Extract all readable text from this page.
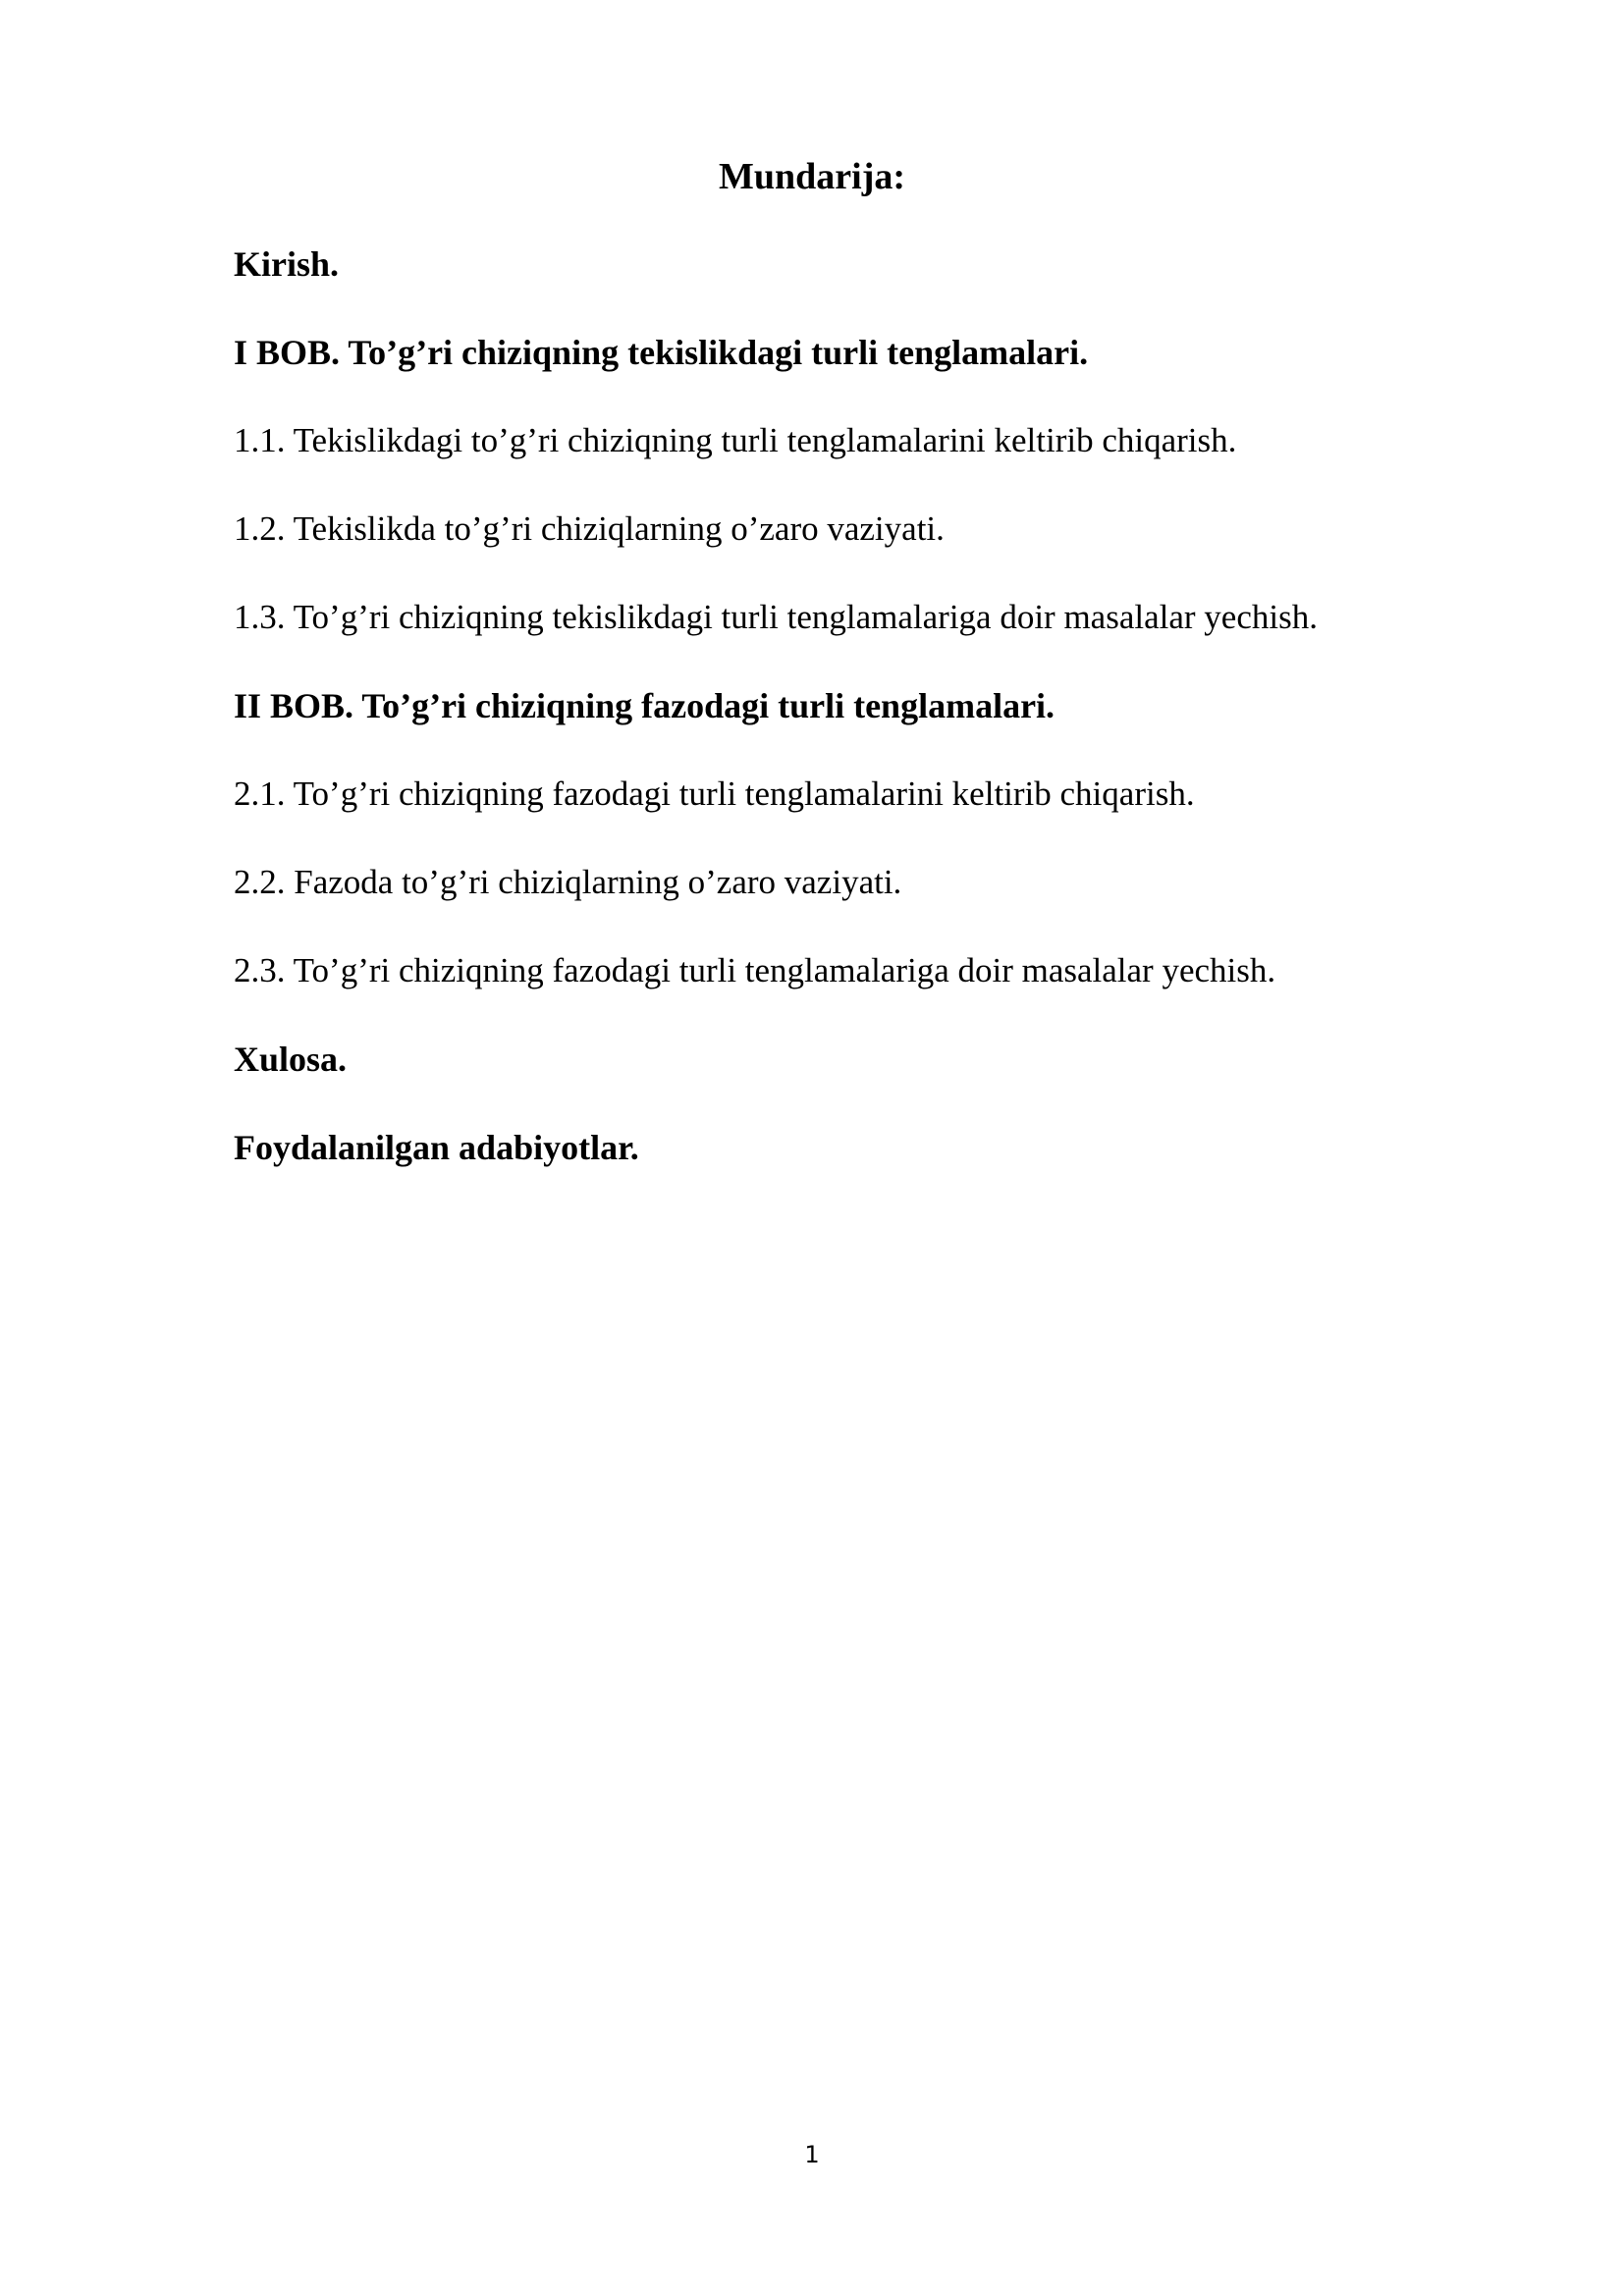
Mundarija:
Kirish.
I BOB. To’g’ri chiziqning tekislikdagi turli tenglamalari.
1.1. Tekislikdagi to’g’ri chiziqning turli tenglamalarini keltirib chiqarish.
1.2. Tekislikda to’g’ri chiziqlarning o’zaro vaziyati.
1.3. To’g’ri chiziqning tekislikdagi turli tenglamalariga doir masalalar yechish.
II BOB. To’g’ri chiziqning fazodagi turli tenglamalari.
2.1. To’g’ri chiziqning fazodagi turli tenglamalarini keltirib chiqarish.
2.2. Fazoda to’g’ri chiziqlarning o’zaro vaziyati.
2.3. To’g’ri chiziqning fazodagi turli tenglamalariga doir masalalar yechish.
Xulosa.
Foydalanilgan adabiyotlar.
1
